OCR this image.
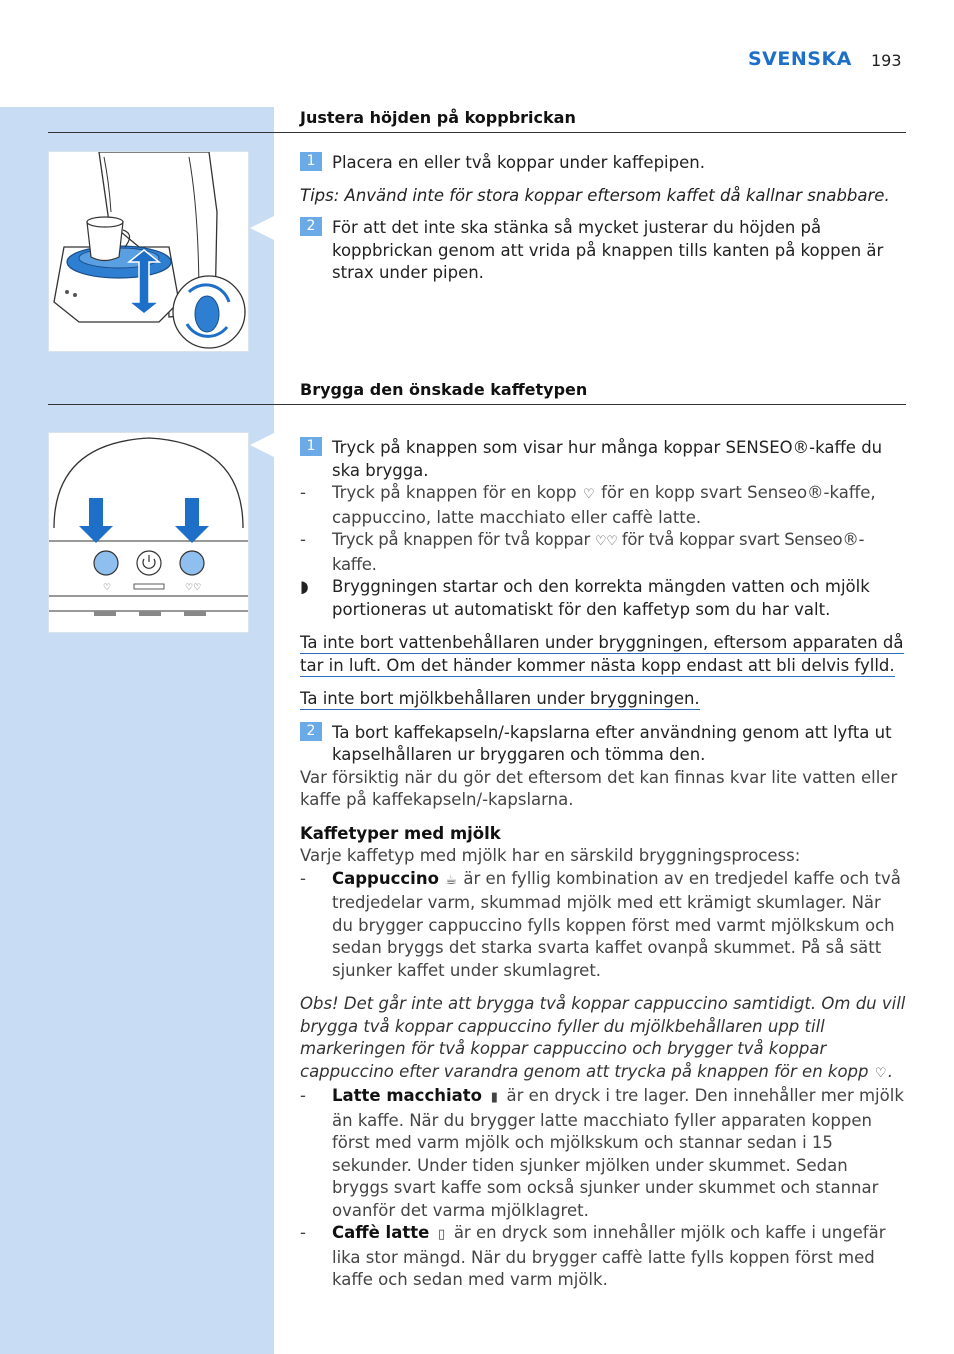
SVENSKA 193
Justera höjden på koppbrickan
1	Placera en eller två koppar under kaffepipen.

Tips: Använd inte för stora koppar eftersom kaffet då kallnar snabbare.

2	För att det inte ska stänka så mycket justerar du höjden på koppbrickan genom att vrida på knappen tills kanten på koppen är strax under pipen.
Brygga den önskade kaffetypen
♡	♡♡
1	Tryck på knappen som visar hur många koppar SENSEO®-kaffe du ska brygga.
- Tryck på knappen för en kopp ♡ för en kopp svart Senseo®-kaffe, cappuccino, latte macchiato eller caffè latte.
- Tryck på knappen för två koppar ♡♡ för två koppar svart Senseo®-kaffe.
◗ Bryggningen startar och den korrekta mängden vatten och mjölk portioneras ut automatiskt för den kaffetyp som du har valt.

Ta inte bort vattenbehållaren under bryggningen, eftersom apparaten då

tar in luft. Om det händer kommer nästa kopp endast att bli delvis fylld.

Ta inte bort mjölkbehållaren under bryggningen.

2	Ta bort kaffekapseln/-kapslarna efter användning genom att lyfta ut kapselhållaren ur bryggaren och tömma den.

Var försiktig när du gör det eftersom det kan finnas kvar lite vatten eller kaffe på kaffekapseln/-kapslarna.

Kaffetyper med mjölk

Varje kaffetyp med mjölk har en särskild bryggningsprocess:

- Cappuccino ☕ är en fyllig kombination av en tredjedel kaffe och två tredjedelar varm, skummad mjölk med ett krämigt skumlager. När du brygger cappuccino fylls koppen först med varmt mjölkskum och sedan bryggs det starka svarta kaffet ovanpå skummet. På så sätt sjunker kaffet under skumlagret.

Obs! Det går inte att brygga två koppar cappuccino samtidigt. Om du vill brygga två koppar cappuccino fyller du mjölkbehållaren upp till markeringen för två koppar cappuccino och brygger två koppar cappuccino efter varandra genom att trycka på knappen för en kopp ♡.

- Latte macchiato ▮ är en dryck i tre lager. Den innehåller mer mjölk än kaffe. När du brygger latte macchiato fyller apparaten koppen först med varm mjölk och mjölkskum och stannar sedan i 15 sekunder. Under tiden sjunker mjölken under skummet. Sedan bryggs svart kaffe som också sjunker under skummet och stannar ovanför det varma mjölklagret.
- Caffè latte ▯ är en dryck som innehåller mjölk och kaffe i ungefär lika stor mängd. När du brygger caffè latte fylls koppen först med kaffe och sedan med varm mjölk.
